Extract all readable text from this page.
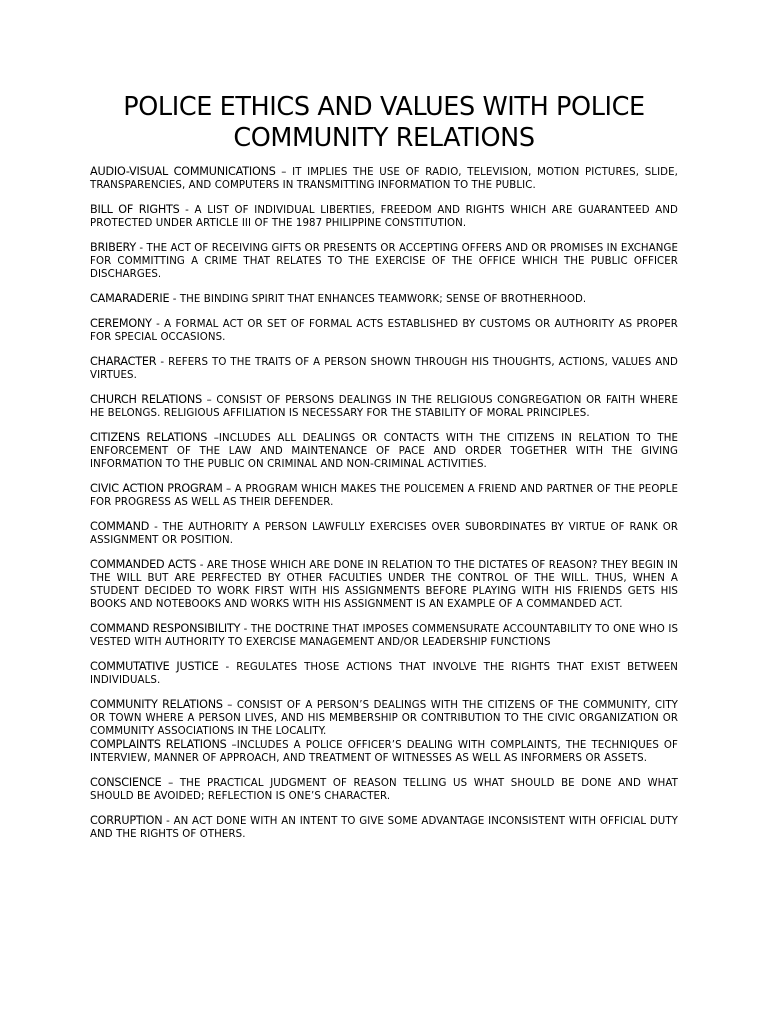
POLICE ETHICS AND VALUES WITH POLICE
COMMUNITY RELATIONS

AUDIO-VISUAL COMMUNICATIONS – IT IMPLIES THE USE OF RADIO, TELEVISION, MOTION PICTURES, SLIDE, TRANSPARENCIES, AND COMPUTERS IN TRANSMITTING INFORMATION TO THE PUBLIC.

BILL OF RIGHTS - A LIST OF INDIVIDUAL LIBERTIES, FREEDOM AND RIGHTS WHICH ARE GUARANTEED AND PROTECTED UNDER ARTICLE III OF THE 1987 PHILIPPINE CONSTITUTION.

BRIBERY - THE ACT OF RECEIVING GIFTS OR PRESENTS OR ACCEPTING OFFERS AND OR PROMISES IN EXCHANGE FOR COMMITTING A CRIME THAT RELATES TO THE EXERCISE OF THE OFFICE WHICH THE PUBLIC OFFICER DISCHARGES.

CAMARADERIE - THE BINDING SPIRIT THAT ENHANCES TEAMWORK; SENSE OF BROTHERHOOD.

CEREMONY - A FORMAL ACT OR SET OF FORMAL ACTS ESTABLISHED BY CUSTOMS OR AUTHORITY AS PROPER FOR SPECIAL OCCASIONS.

CHARACTER - REFERS TO THE TRAITS OF A PERSON SHOWN THROUGH HIS THOUGHTS, ACTIONS, VALUES AND VIRTUES.

CHURCH RELATIONS – CONSIST OF PERSONS DEALINGS IN THE RELIGIOUS CONGREGATION OR FAITH WHERE HE BELONGS. RELIGIOUS AFFILIATION IS NECESSARY FOR THE STABILITY OF MORAL PRINCIPLES.

CITIZENS RELATIONS –INCLUDES ALL DEALINGS OR CONTACTS WITH THE CITIZENS IN RELATION TO THE ENFORCEMENT OF THE LAW AND MAINTENANCE OF PACE AND ORDER TOGETHER WITH THE GIVING INFORMATION TO THE PUBLIC ON CRIMINAL AND NON-CRIMINAL ACTIVITIES.

CIVIC ACTION PROGRAM – A PROGRAM WHICH MAKES THE POLICEMEN A FRIEND AND PARTNER OF THE PEOPLE FOR PROGRESS AS WELL AS THEIR DEFENDER.

COMMAND - THE AUTHORITY A PERSON LAWFULLY EXERCISES OVER SUBORDINATES BY VIRTUE OF RANK OR ASSIGNMENT OR POSITION.

COMMANDED ACTS - ARE THOSE WHICH ARE DONE IN RELATION TO THE DICTATES OF REASON? THEY BEGIN IN THE WILL BUT ARE PERFECTED BY OTHER FACULTIES UNDER THE CONTROL OF THE WILL. THUS, WHEN A STUDENT DECIDED TO WORK FIRST WITH HIS ASSIGNMENTS BEFORE PLAYING WITH HIS FRIENDS GETS HIS BOOKS AND NOTEBOOKS AND WORKS WITH HIS ASSIGNMENT IS AN EXAMPLE OF A COMMANDED ACT.

COMMAND RESPONSIBILITY - THE DOCTRINE THAT IMPOSES COMMENSURATE ACCOUNTABILITY TO ONE WHO IS VESTED WITH AUTHORITY TO EXERCISE MANAGEMENT AND/OR LEADERSHIP FUNCTIONS

COMMUTATIVE JUSTICE - REGULATES THOSE ACTIONS THAT INVOLVE THE RIGHTS THAT EXIST BETWEEN INDIVIDUALS.

COMMUNITY RELATIONS – CONSIST OF A PERSON’S DEALINGS WITH THE CITIZENS OF THE COMMUNITY, CITY OR TOWN WHERE A PERSON LIVES, AND HIS MEMBERSHIP OR CONTRIBUTION TO THE CIVIC ORGANIZATION OR COMMUNITY ASSOCIATIONS IN THE LOCALITY.

COMPLAINTS RELATIONS –INCLUDES A POLICE OFFICER’S DEALING WITH COMPLAINTS, THE TECHNIQUES OF INTERVIEW, MANNER OF APPROACH, AND TREATMENT OF WITNESSES AS WELL AS INFORMERS OR ASSETS.

CONSCIENCE – THE PRACTICAL JUDGMENT OF REASON TELLING US WHAT SHOULD BE DONE AND WHAT SHOULD BE AVOIDED; REFLECTION IS ONE’S CHARACTER.

CORRUPTION - AN ACT DONE WITH AN INTENT TO GIVE SOME ADVANTAGE INCONSISTENT WITH OFFICIAL DUTY AND THE RIGHTS OF OTHERS.
